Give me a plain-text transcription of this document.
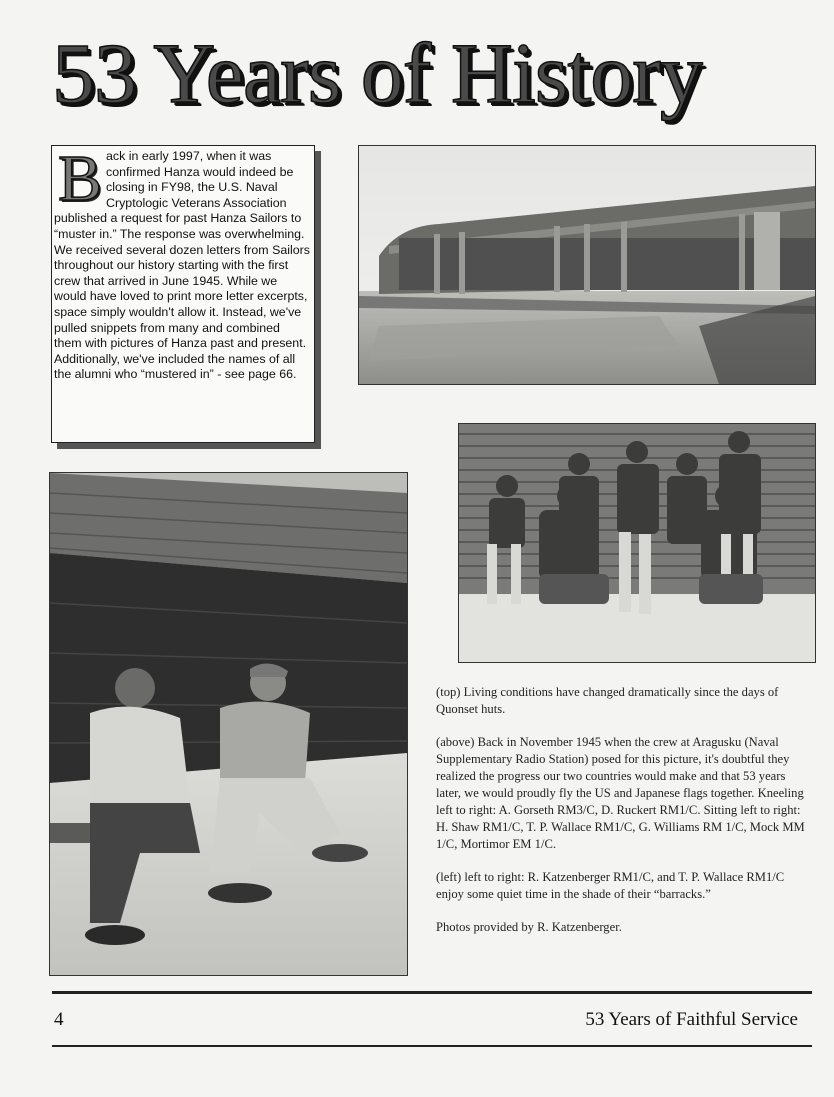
53 Years of History
B ack in early 1997, when it was confirmed Hanza would indeed be closing in FY98, the U.S. Naval Cryptologic Veterans Association published a request for past Hanza Sailors to “muster in.” The response was overwhelming. We received several dozen letters from Sailors throughout our history starting with the first crew that arrived in June 1945. While we would have loved to print more letter excerpts, space simply wouldn't allow it. Instead, we've pulled snippets from many and combined them with pictures of Hanza past and present. Additionally, we've included the names of all the alumni who “mustered in” - see page 66.

(top) Living conditions have changed dramatically since the days of Quonset huts.

(above) Back in November 1945 when the crew at Aragusku (Naval Supplementary Radio Station) posed for this picture, it's doubtful they realized the progress our two countries would make and that 53 years later, we would proudly fly the US and Japanese flags together. Kneeling left to right: A. Gorseth RM3/C, D. Ruckert RM1/C. Sitting left to right: H. Shaw RM1/C, T. P. Wallace RM1/C, G. Williams RM 1/C, Mock MM 1/C, Mortimor EM 1/C.

(left) left to right: R. Katzenberger RM1/C, and T. P. Wallace RM1/C enjoy some quiet time in the shade of their “barracks.”

Photos provided by R. Katzenberger.

4	53 Years of Faithful Service
